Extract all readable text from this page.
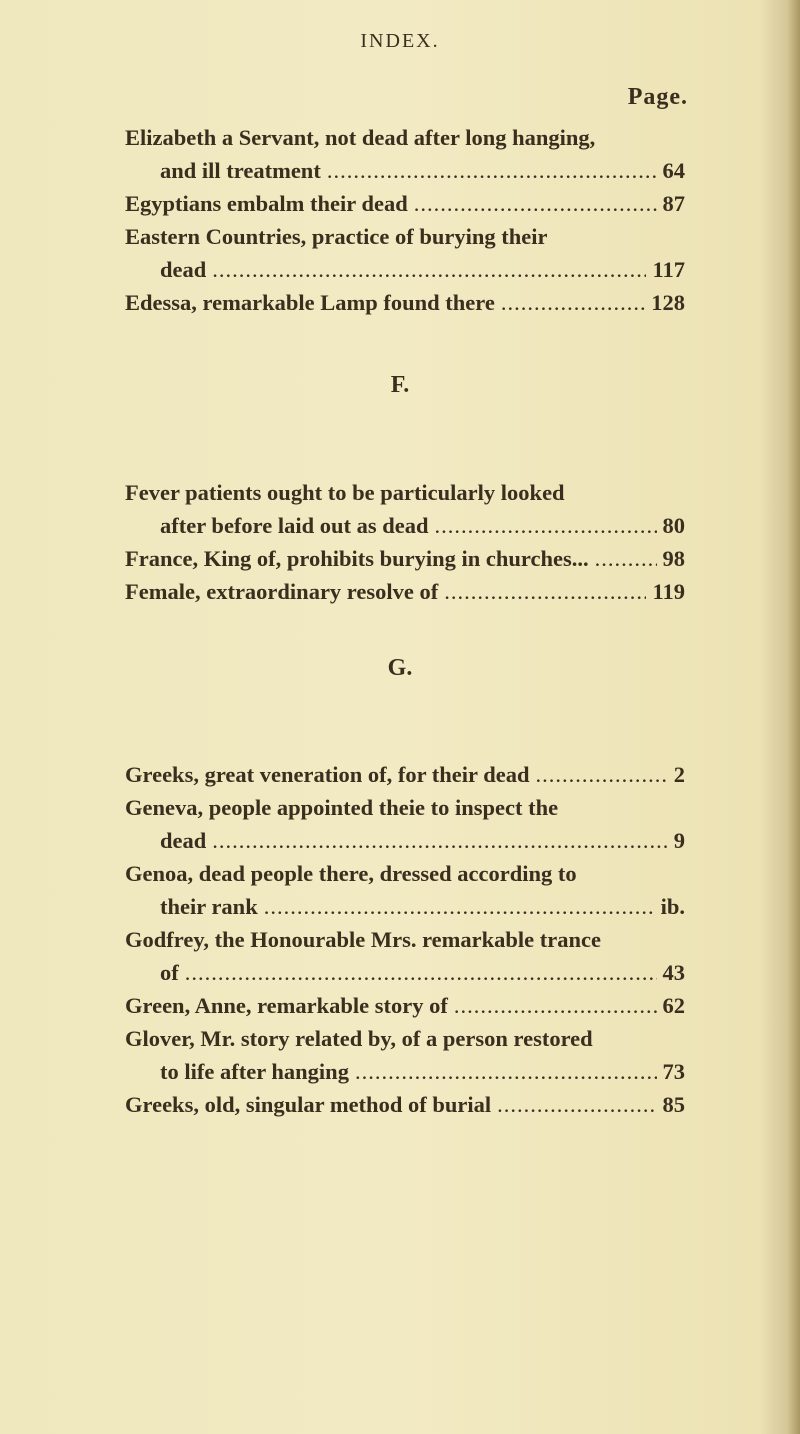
INDEX.
Page.
Elizabeth a Servant, not dead after long hanging,
and ill treatment .....	64
Egyptians embalm their dead .....	87
Eastern Countries, practice of burying their
dead .....	117
Edessa, remarkable Lamp found there .....	128
F.
Fever patients ought to be particularly looked
after before laid out as dead .....	80
France, King of, prohibits burying in churches... .....	98
Female, extraordinary resolve of .....	119
G.
Greeks, great veneration of, for their dead .....	2
Geneva, people appointed theie to inspect the
dead .....	9
Genoa, dead people there, dressed according to
their rank .....	ib.
Godfrey, the Honourable Mrs. remarkable trance
of .....	43
Green, Anne, remarkable story of .....	62
Glover, Mr. story related by, of a person restored
to life after hanging .....	73
Greeks, old, singular method of burial .....	85
